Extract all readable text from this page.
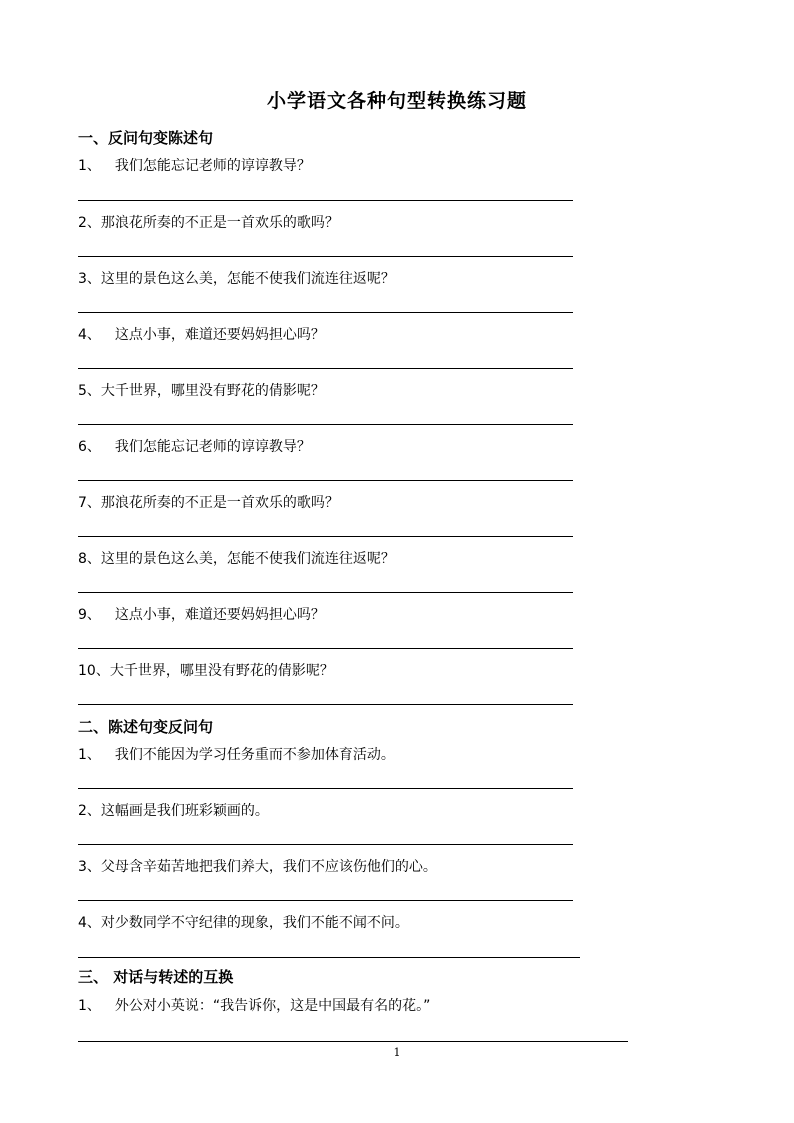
小学语文各种句型转换练习题
一、反问句变陈述句
1、 我们怎能忘记老师的谆谆教导？
2、那浪花所奏的不正是一首欢乐的歌吗？
3、这里的景色这么美，怎能不使我们流连往返呢？
4、 这点小事，难道还要妈妈担心吗？
5、大千世界，哪里没有野花的倩影呢？
6、 我们怎能忘记老师的谆谆教导？
7、那浪花所奏的不正是一首欢乐的歌吗？
8、这里的景色这么美，怎能不使我们流连往返呢？
9、 这点小事，难道还要妈妈担心吗？
10、大千世界，哪里没有野花的倩影呢？
二、陈述句变反问句
1、 我们不能因为学习任务重而不参加体育活动。
2、这幅画是我们班彩颖画的。
3、父母含辛茹苦地把我们养大，我们不应该伤他们的心。
4、对少数同学不守纪律的现象，我们不能不闻不问。
三、 对话与转述的互换
1、 外公对小英说：“我告诉你，这是中国最有名的花。”
1
